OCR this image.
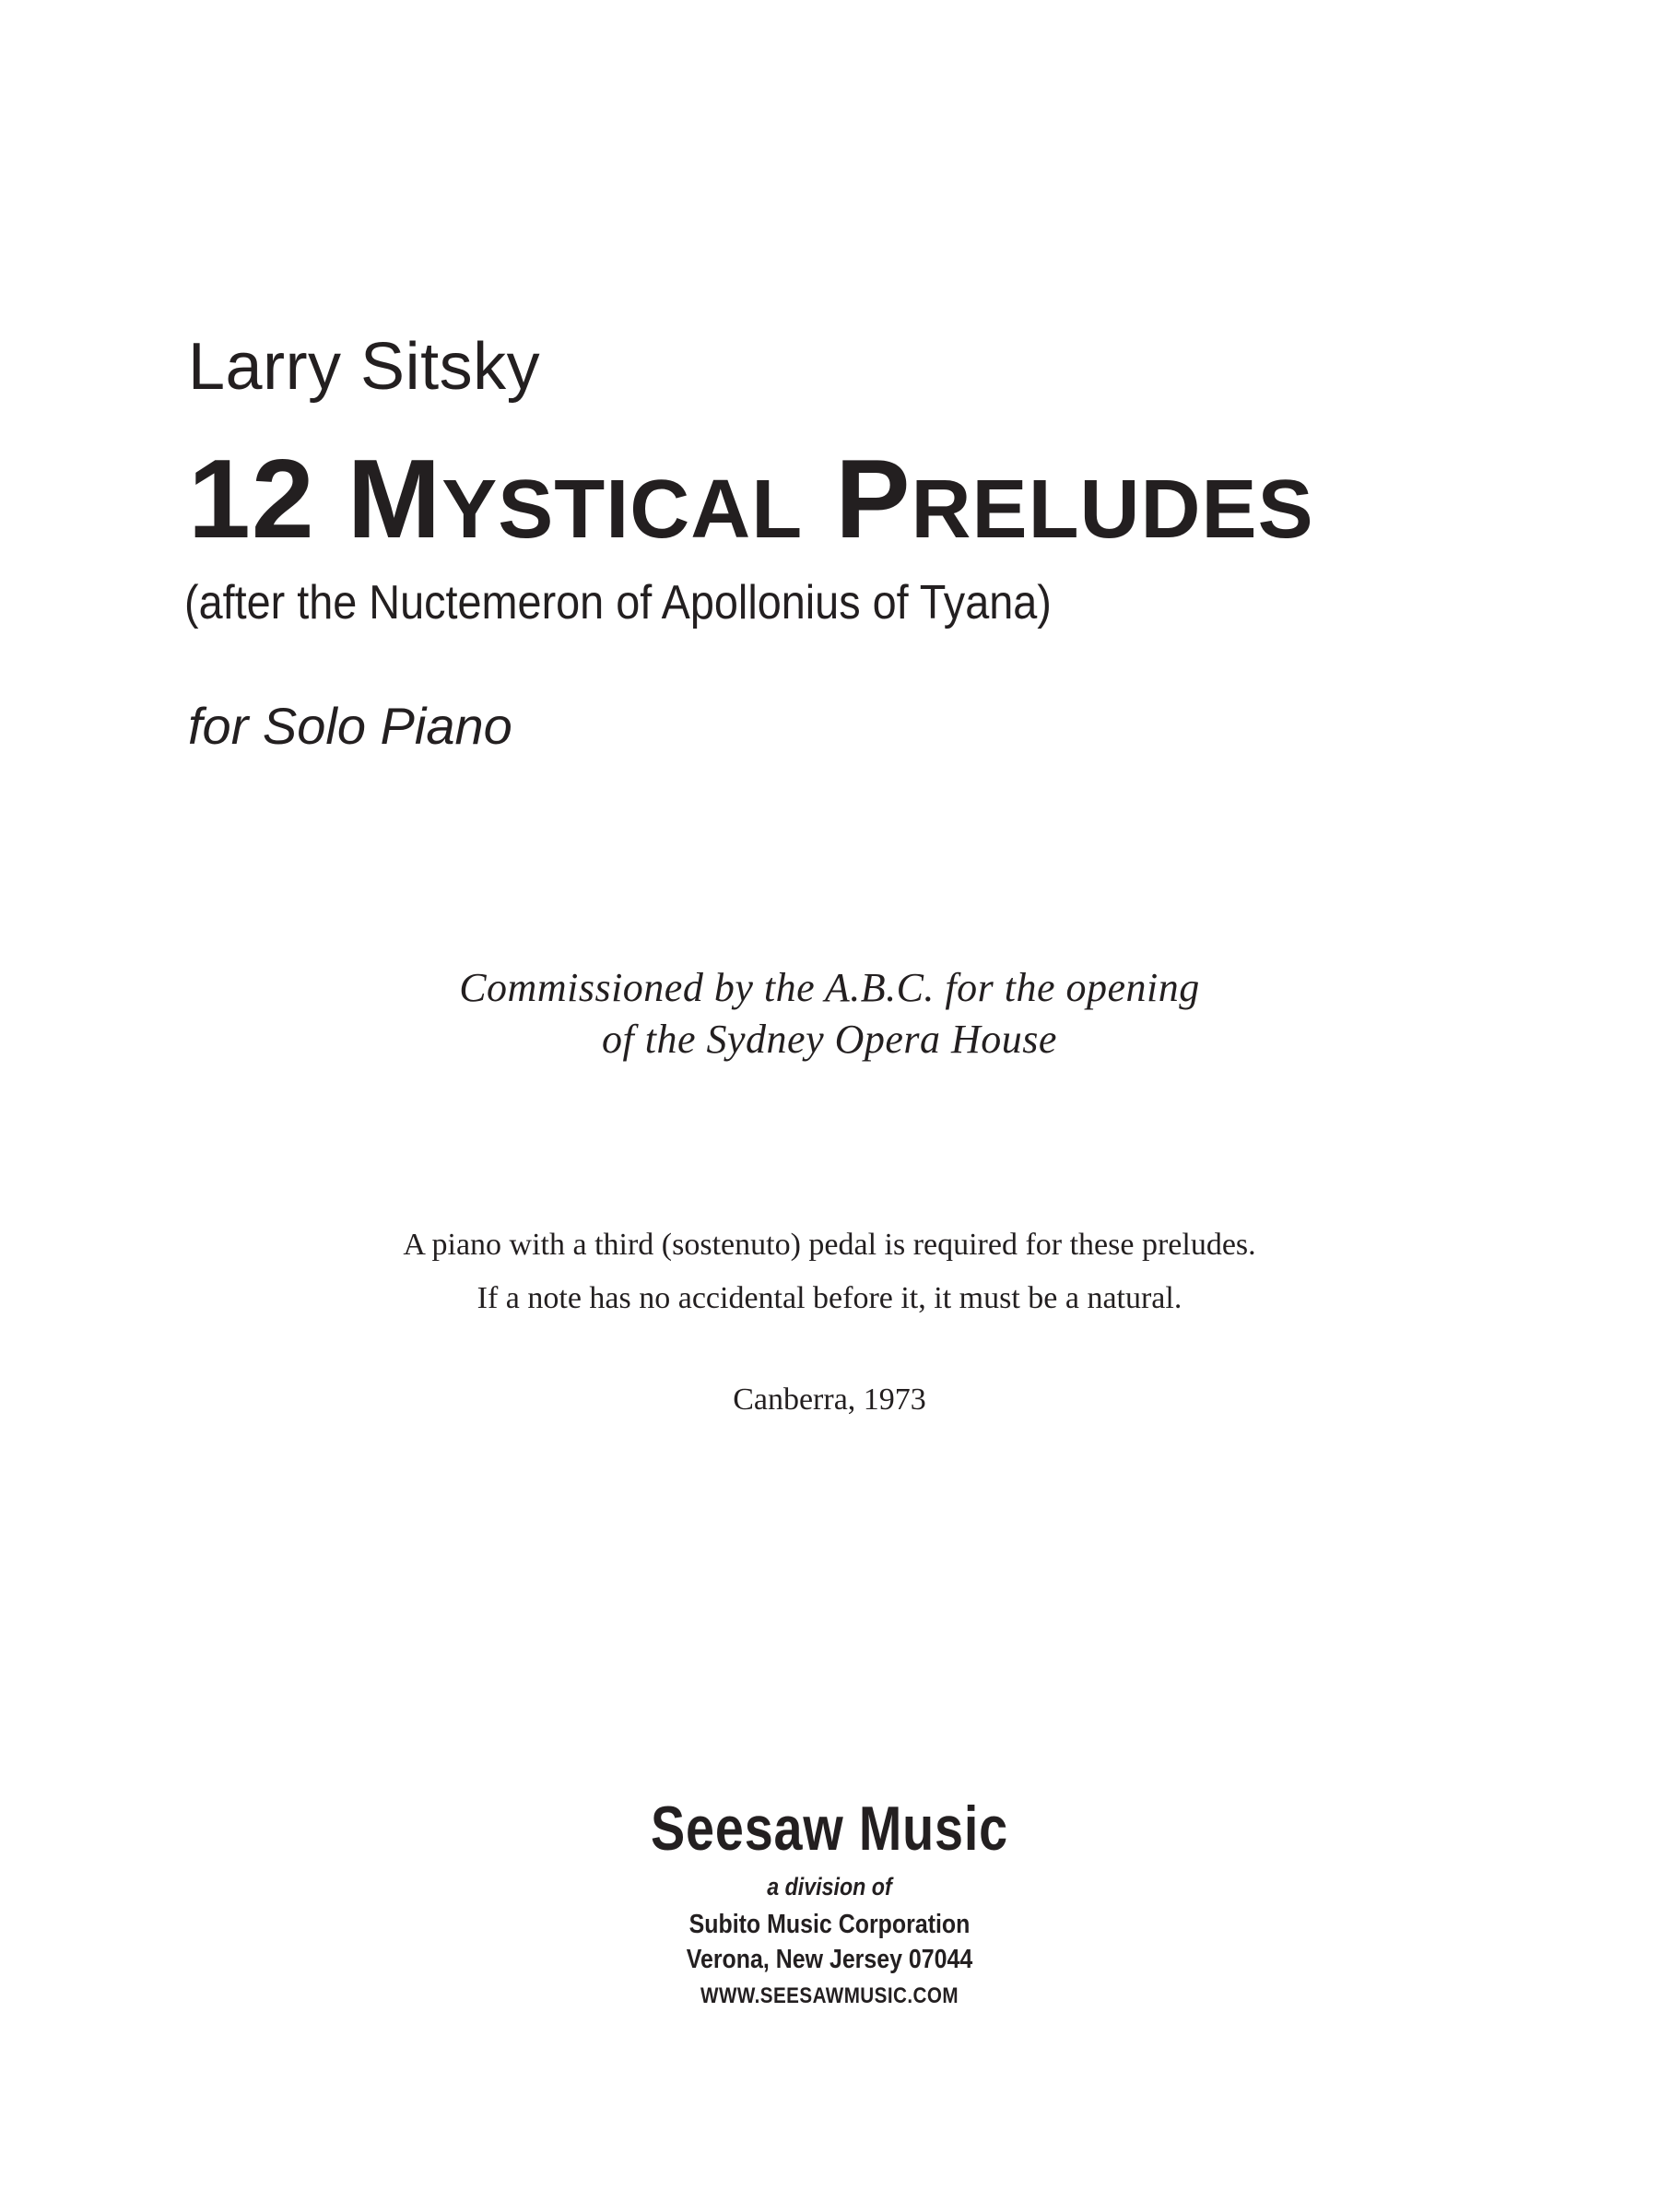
Larry Sitsky
12 MYSTICAL PRELUDES
(after the Nuctemeron of Apollonius of Tyana)
for Solo Piano
Commissioned by the A.B.C. for the opening
of the Sydney Opera House
A piano with a third (sostenuto) pedal is required for these preludes.
If a note has no accidental before it, it must be a natural.
Canberra, 1973
Seesaw Music
a division of
Subito Music Corporation
Verona, New Jersey 07044
WWW.SEESAWMUSIC.COM
